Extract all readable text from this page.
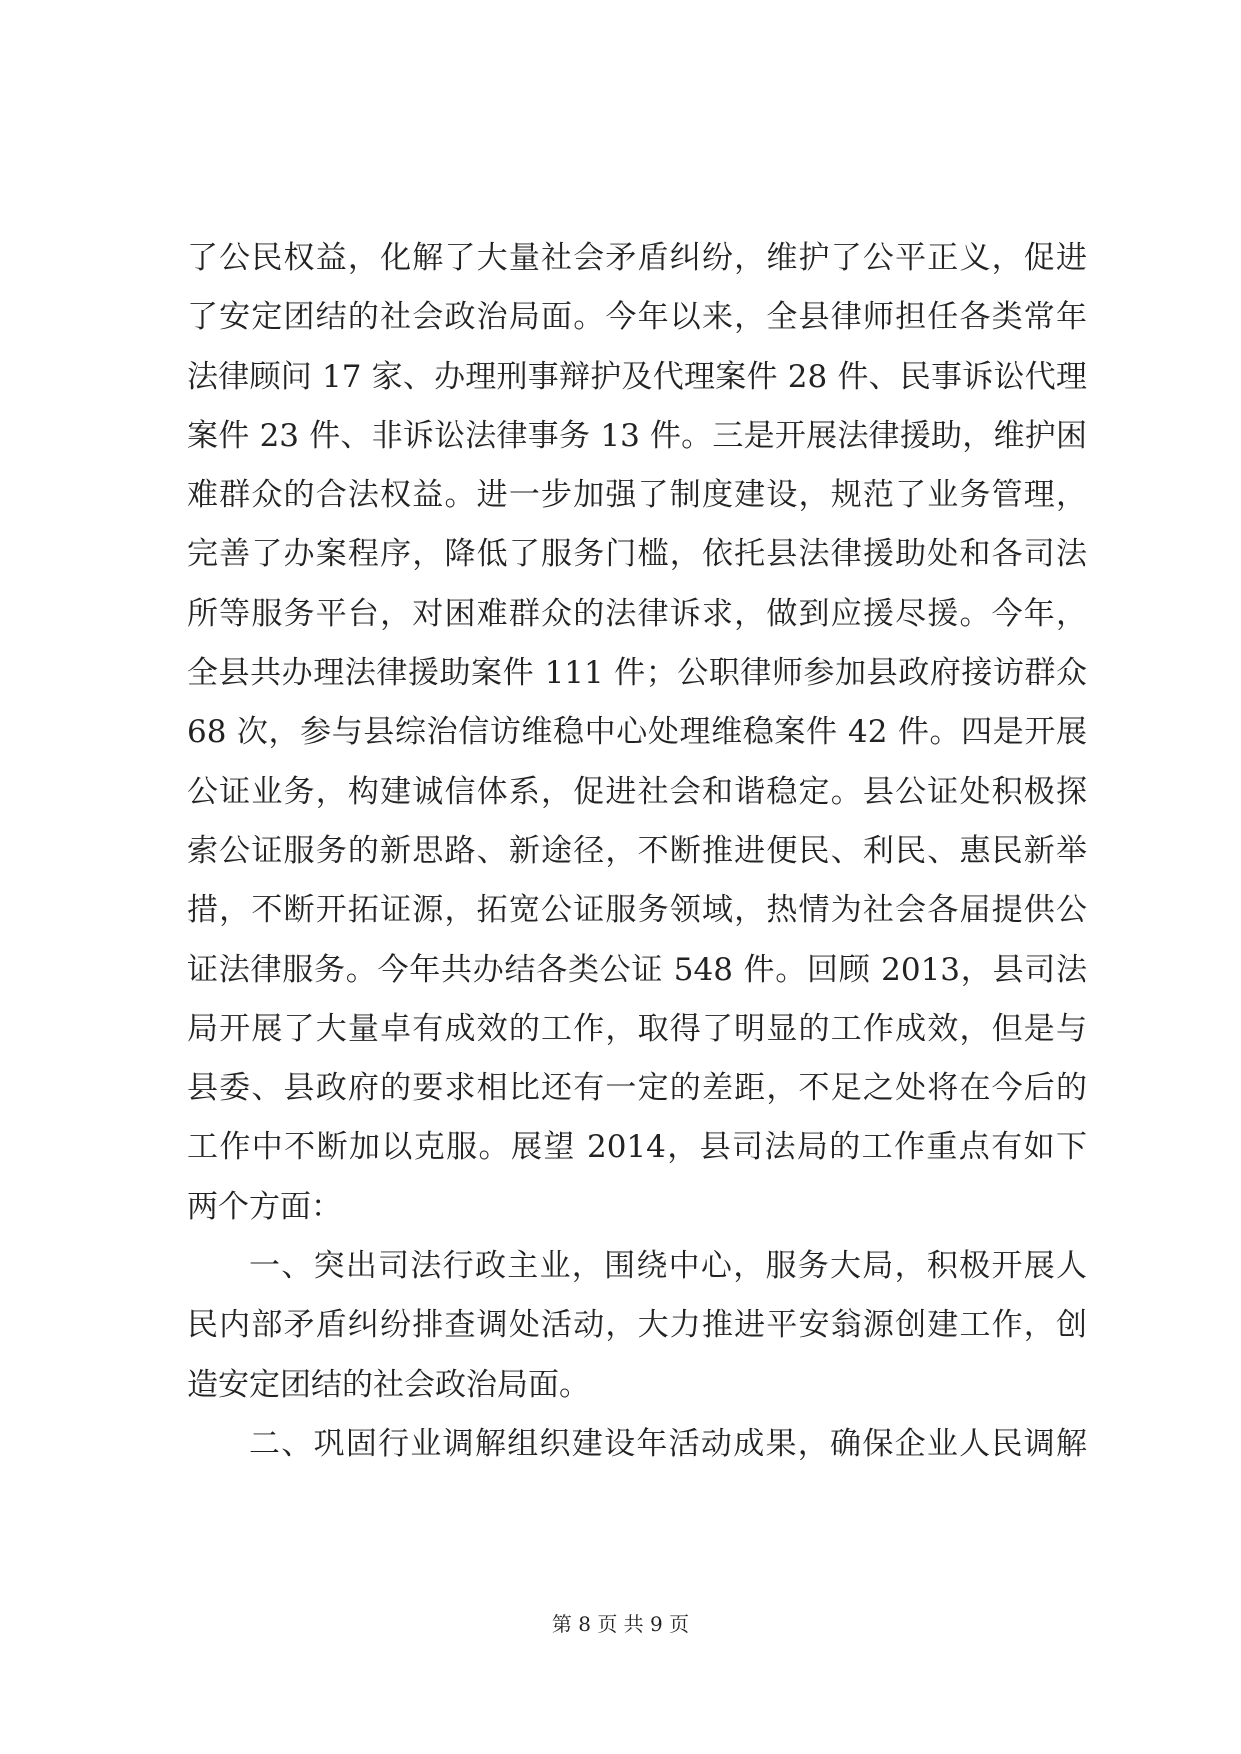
了公民权益，化解了大量社会矛盾纠纷，维护了公平正义，促进
了安定团结的社会政治局面。今年以来，全县律师担任各类常年
法律顾问 17 家、办理刑事辩护及代理案件 28 件、民事诉讼代理
案件 23 件、非诉讼法律事务 13 件。三是开展法律援助，维护困
难群众的合法权益。进一步加强了制度建设，规范了业务管理，
完善了办案程序，降低了服务门槛，依托县法律援助处和各司法
所等服务平台，对困难群众的法律诉求，做到应援尽援。今年，
全县共办理法律援助案件 111 件；公职律师参加县政府接访群众
68 次，参与县综治信访维稳中心处理维稳案件 42 件。四是开展
公证业务，构建诚信体系，促进社会和谐稳定。县公证处积极探
索公证服务的新思路、新途径，不断推进便民、利民、惠民新举
措，不断开拓证源，拓宽公证服务领域，热情为社会各届提供公
证法律服务。今年共办结各类公证 548 件。回顾 2013，县司法
局开展了大量卓有成效的工作，取得了明显的工作成效，但是与
县委、县政府的要求相比还有一定的差距，不足之处将在今后的
工作中不断加以克服。展望 2014，县司法局的工作重点有如下
两个方面：
一、突出司法行政主业，围绕中心，服务大局，积极开展人
民内部矛盾纠纷排查调处活动，大力推进平安翁源创建工作，创
造安定团结的社会政治局面。
二、巩固行业调解组织建设年活动成果，确保企业人民调解
第 8 页 共 9 页
